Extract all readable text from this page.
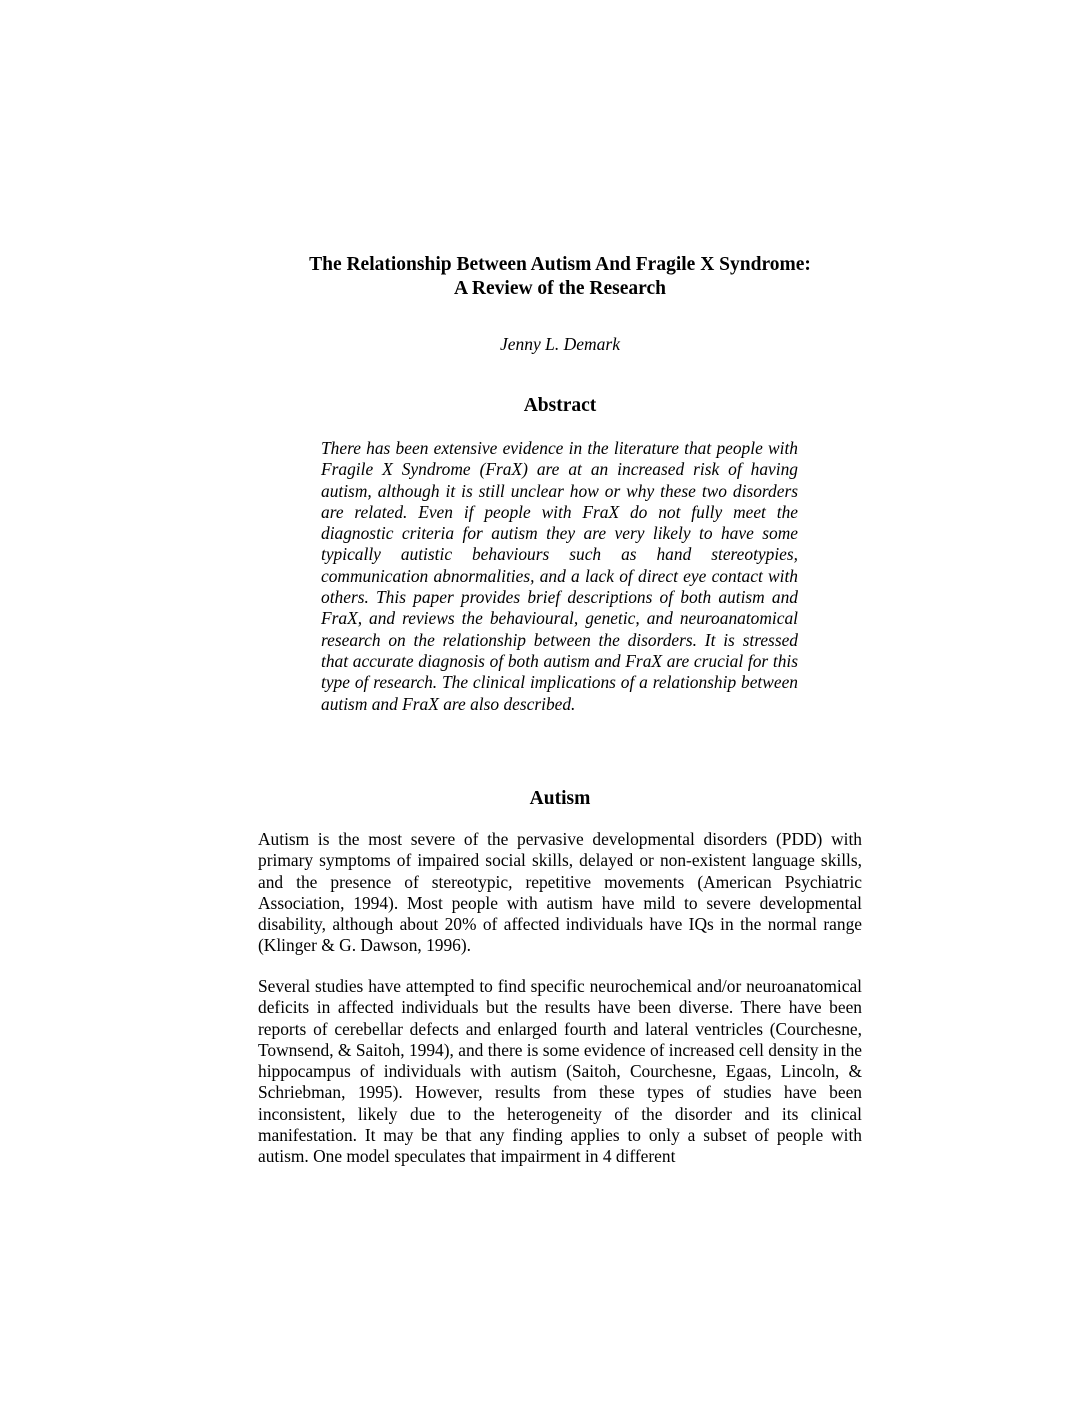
The Relationship Between Autism And Fragile X Syndrome:
A Review of the Research
Jenny L. Demark
Abstract

There has been extensive evidence in the literature that people with Fragile X Syndrome (FraX) are at an increased risk of having autism, although it is still unclear how or why these two disorders are related. Even if people with FraX do not fully meet the diagnostic criteria for autism they are very likely to have some typically autistic behaviours such as hand stereotypies, communication abnormalities, and a lack of direct eye contact with others. This paper provides brief descriptions of both autism and FraX, and reviews the behavioural, genetic, and neuroanatomical research on the relationship between the disorders. It is stressed that accurate diagnosis of both autism and FraX are crucial for this type of research. The clinical implications of a relationship between autism and FraX are also described.

Autism

Autism is the most severe of the pervasive developmental disorders (PDD) with primary symptoms of impaired social skills, delayed or non-existent language skills, and the presence of stereotypic, repetitive movements (American Psychiatric Association, 1994). Most people with autism have mild to severe developmental disability, although about 20% of affected individuals have IQs in the normal range (Klinger & G. Dawson, 1996).

Several studies have attempted to find specific neurochemical and/or neuroanatomical deficits in affected individuals but the results have been diverse. There have been reports of cerebellar defects and enlarged fourth and lateral ventricles (Courchesne, Townsend, & Saitoh, 1994), and there is some evidence of increased cell density in the hippocampus of individuals with autism (Saitoh, Courchesne, Egaas, Lincoln, & Schriebman, 1995). However, results from these types of studies have been inconsistent, likely due to the heterogeneity of the disorder and its clinical manifestation. It may be that any finding applies to only a subset of people with autism. One model speculates that impairment in 4 different
